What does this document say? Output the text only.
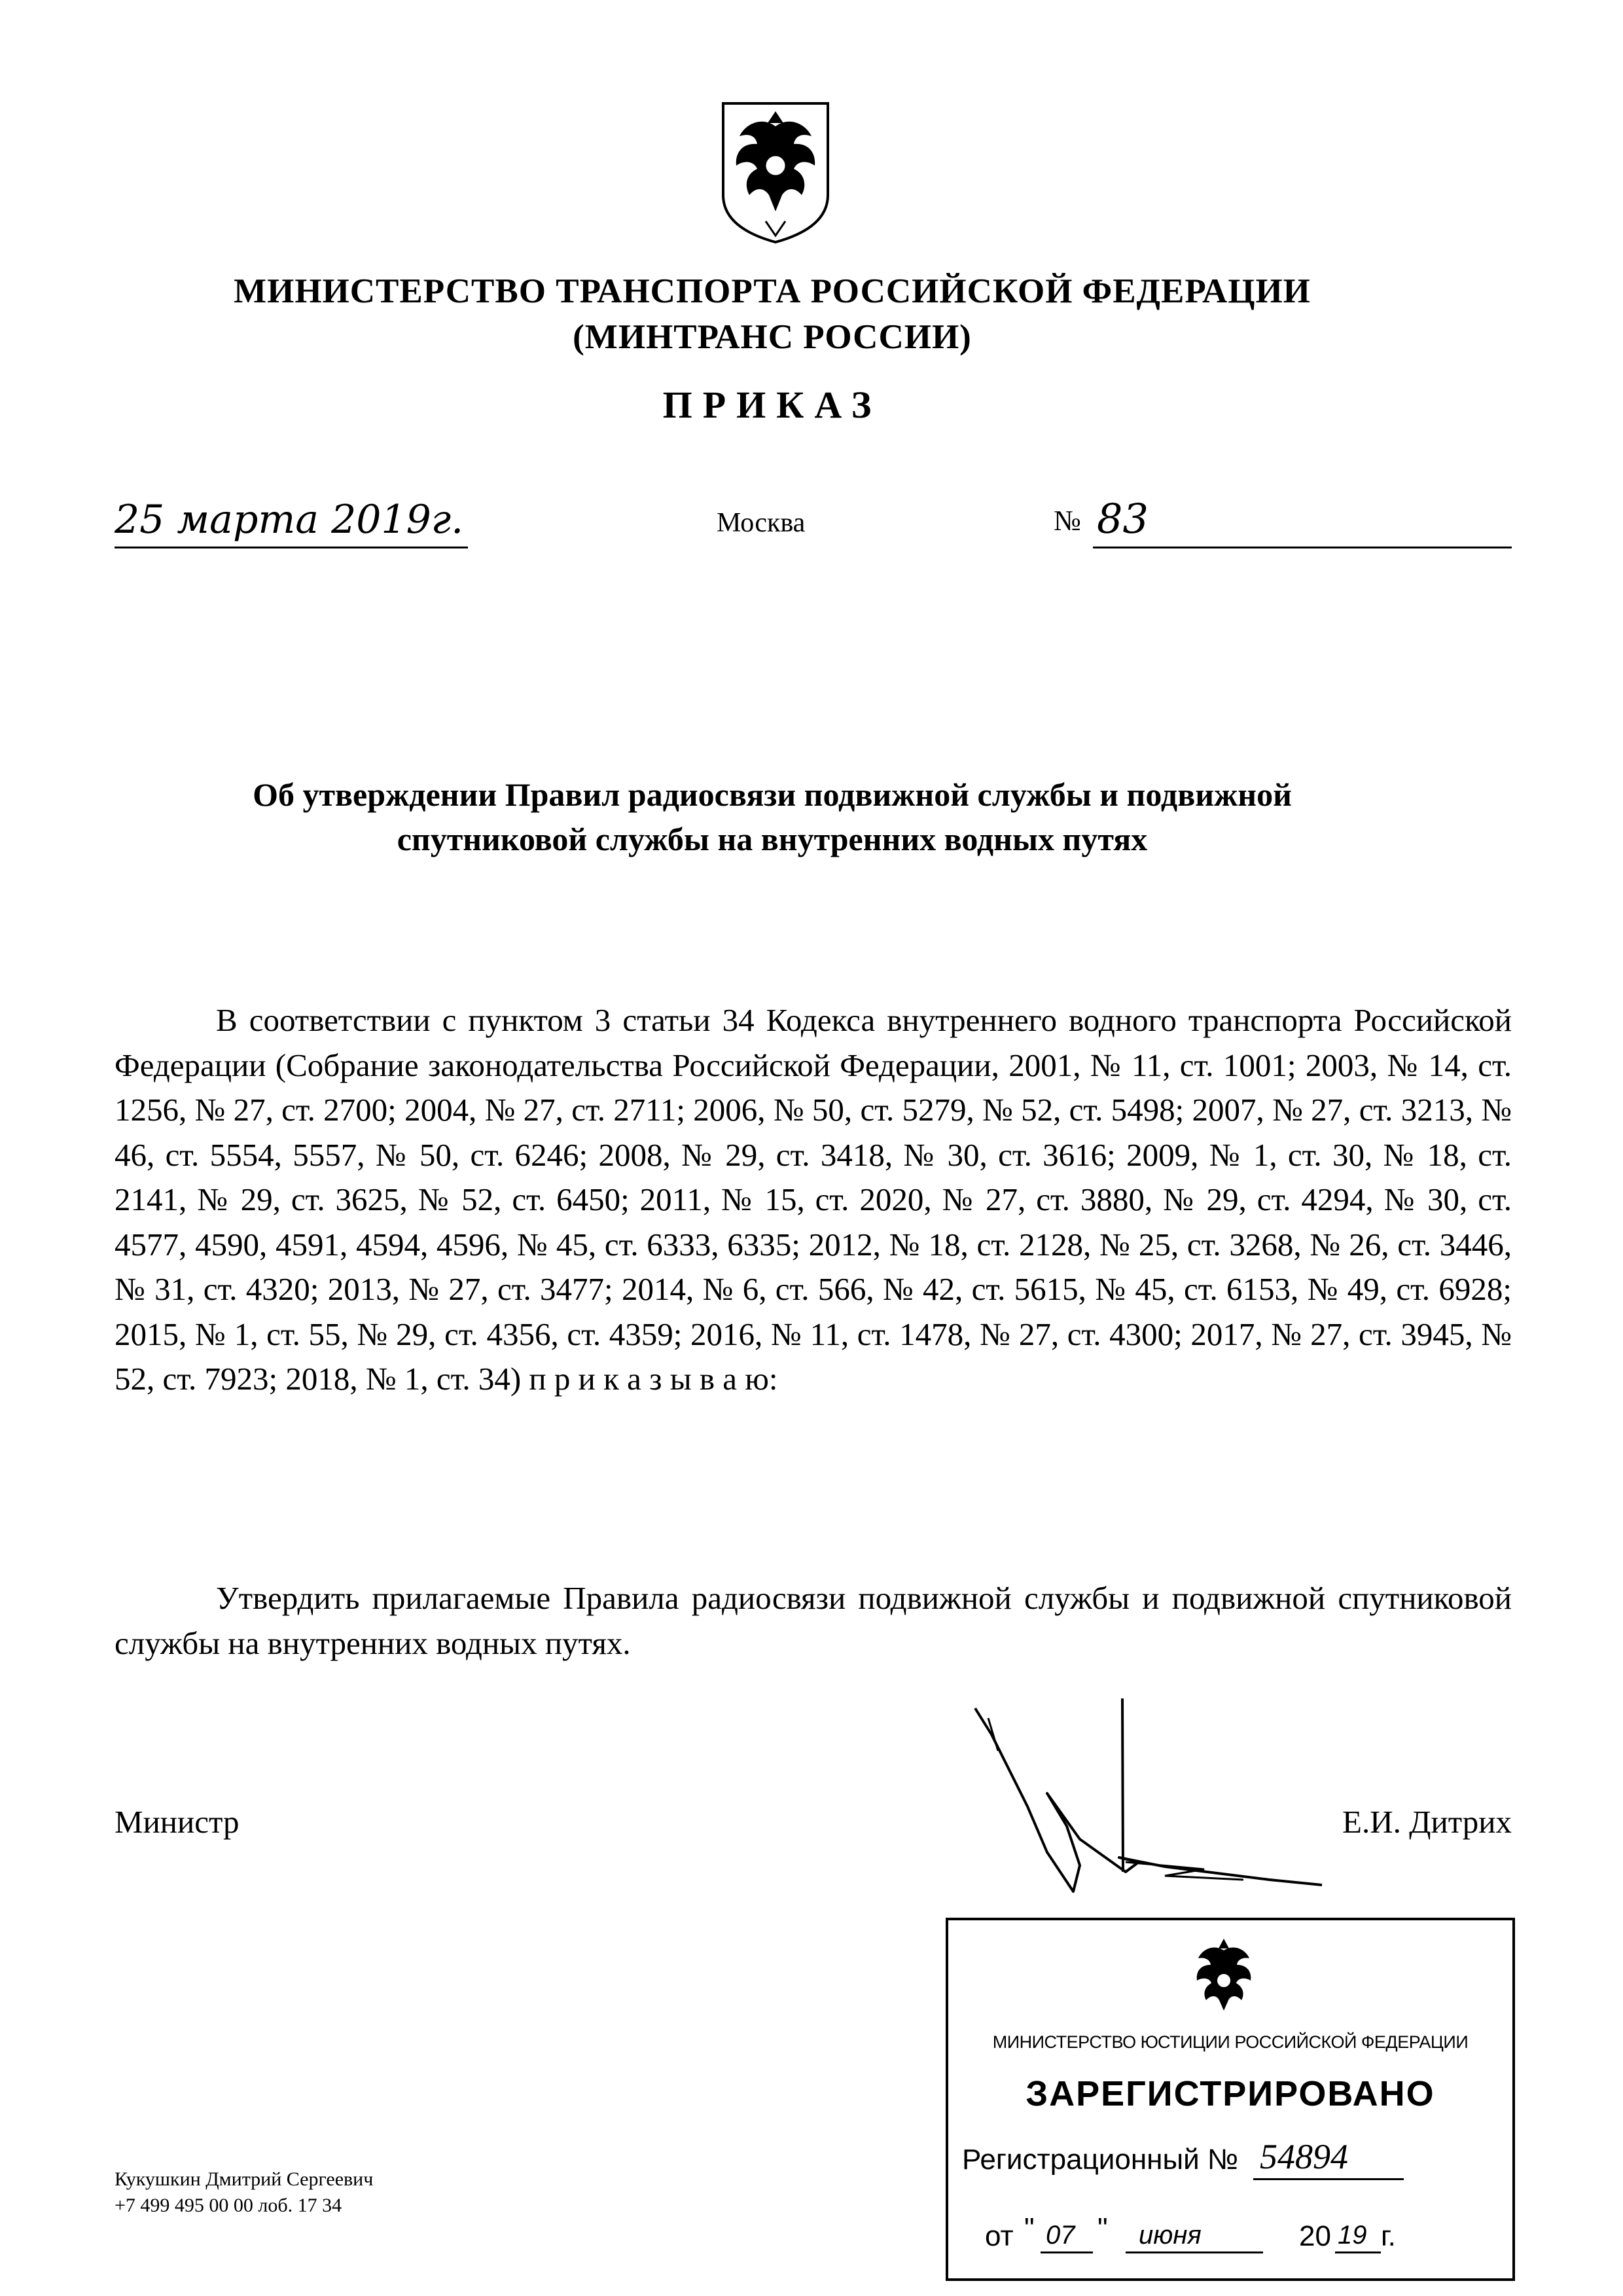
МИНИСТЕРСТВО ТРАНСПОРТА РОССИЙСКОЙ ФЕДЕРАЦИИ
(МИНТРАНС РОССИИ)
ПРИКАЗ
25 марта 2019г.	Москва	№ 83
Об утверждении Правил радиосвязи подвижной службы и подвижной
спутниковой службы на внутренних водных путях
В соответствии с пунктом 3 статьи 34 Кодекса внутреннего водного транспорта Российской Федерации (Собрание законодательства Российской Федерации, 2001, № 11, ст. 1001; 2003, № 14, ст. 1256, № 27, ст. 2700; 2004, № 27, ст. 2711; 2006, № 50, ст. 5279, № 52, ст. 5498; 2007, № 27, ст. 3213, № 46, ст. 5554, 5557, № 50, ст. 6246; 2008, № 29, ст. 3418, № 30, ст. 3616; 2009, № 1, ст. 30, № 18, ст. 2141, № 29, ст. 3625, № 52, ст. 6450; 2011, № 15, ст. 2020, № 27, ст. 3880, № 29, ст. 4294, № 30, ст. 4577, 4590, 4591, 4594, 4596, № 45, ст. 6333, 6335; 2012, № 18, ст. 2128, № 25, ст. 3268, № 26, ст. 3446, № 31, ст. 4320; 2013, № 27, ст. 3477; 2014, № 6, ст. 566, № 42, ст. 5615, № 45, ст. 6153, № 49, ст. 6928; 2015, № 1, ст. 55, № 29, ст. 4356, ст. 4359; 2016, № 11, ст. 1478, № 27, ст. 4300; 2017, № 27, ст. 3945, № 52, ст. 7923; 2018, № 1, ст. 34) п р и к а з ы в а ю:
Утвердить прилагаемые Правила радиосвязи подвижной службы и подвижной спутниковой службы на внутренних водных путях.
Министр	Е.И. Дитрих
Кукушкин Дмитрий Сергеевич
+7 499 495 00 00 лоб. 17 34
МИНИСТЕРСТВО ЮСТИЦИИ РОССИЙСКОЙ ФЕДЕРАЦИИ
ЗАРЕГИСТРИРОВАНО
Регистрационный № 54894
от " 07 " июня	20 19 г.
